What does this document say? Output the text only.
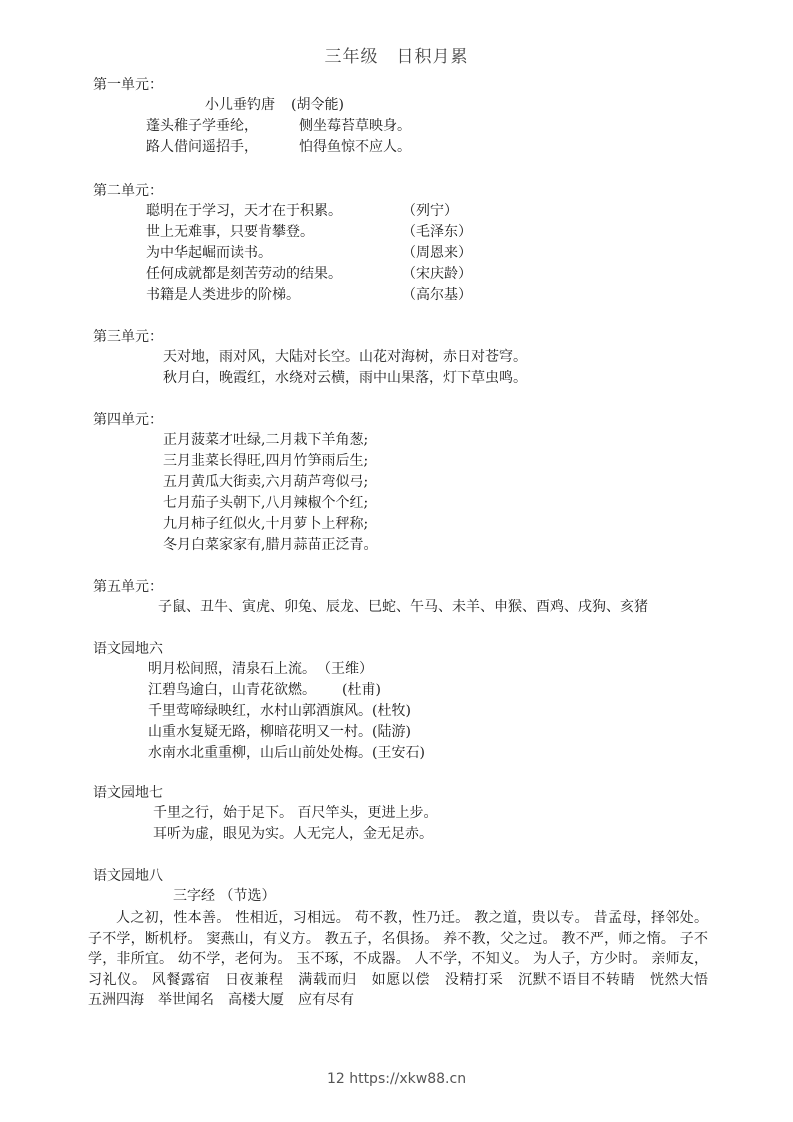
三年级 日积月累
第一单元：
小儿垂钓唐 (胡令能)
蓬头稚子学垂纶，	侧坐莓苔草映身。
路人借问遥招手，	怕得鱼惊不应人。
第二单元：
聪明在于学习，天才在于积累。	（列宁）
世上无难事，只要肯攀登。	（毛泽东）
为中华起崛而读书。	（周恩来）
任何成就都是刻苦劳动的结果。	（宋庆龄）
书籍是人类进步的阶梯。	（高尔基）
第三单元：
天对地，雨对风，大陆对长空。山花对海树，赤日对苍穹。
秋月白，晚霞红，水绕对云横，雨中山果落，灯下草虫鸣。
第四单元：
正月菠菜才吐绿,二月栽下羊角葱;
三月韭菜长得旺,四月竹笋雨后生;
五月黄瓜大街卖,六月葫芦弯似弓;
七月茄子头朝下,八月辣椒个个红;
九月柿子红似火,十月萝卜上秤称;
冬月白菜家家有,腊月蒜苗正泛青。
第五单元：
子鼠、丑牛、寅虎、卯兔、辰龙、巳蛇、午马、未羊、申猴、酉鸡、戌狗、亥猪
语文园地六
明月松间照，清泉石上流。 （王维）
江碧鸟逾白，山青花欲燃。 (杜甫)
千里莺啼绿映红，水村山郭酒旗风。(杜牧)
山重水复疑无路，柳暗花明又一村。(陆游)
水南水北重重柳，山后山前处处梅。(王安石)
语文园地七
千里之行，始于足下。 百尺竿头，更进上步。
耳听为虚，眼见为实。人无完人，金无足赤。
语文园地八
三字经 （节选）
人之初，性本善。 性相近，习相远。 苟不教，性乃迁。 教之道，贵以专。 昔孟母，择邻处。 子不学，断机杼。 窦燕山，有义方。 教五子，名俱扬。 养不教，父之过。 教不严，师之惰。 子不学，非所宜。 幼不学，老何为。 玉不琢，不成器。 人不学，不知义。 为人子，方少时。 亲师友，习礼仪。 风餐露宿　日夜兼程　满载而归　如愿以偿　没精打采　沉默不语目不转睛　恍然大悟　五洲四海　举世闻名　高楼大厦　应有尽有
12 https://xkw88.cn
